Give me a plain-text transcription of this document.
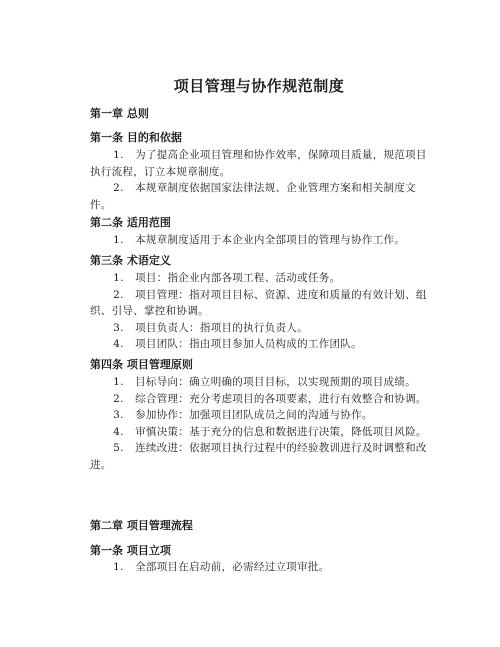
项目管理与协作规范制度
第一章 总则
第一条 目的和依据

1. 为了提高企业项目管理和协作效率，保障项目质量，规范项目执行流程，订立本规章制度。

2. 本规章制度依据国家法律法规、企业管理方案和相关制度文件。

第二条 适用范围

1. 本规章制度适用于本企业内全部项目的管理与协作工作。

第三条 术语定义

1. 项目：指企业内部各项工程、活动或任务。

2. 项目管理：指对项目目标、资源、进度和质量的有效计划、组织、引导、掌控和协调。

3. 项目负责人：指项目的执行负责人。

4. 项目团队：指由项目参加人员构成的工作团队。

第四条 项目管理原则

1. 目标导向：确立明确的项目目标，以实现预期的项目成绩。

2. 综合管理：充分考虑项目的各项要素，进行有效整合和协调。

3. 参加协作：加强项目团队成员之间的沟通与协作。

4. 审慎决策：基于充分的信息和数据进行决策，降低项目风险。

5. 连续改进：依据项目执行过程中的经验教训进行及时调整和改进。

第二章 项目管理流程
第一条 项目立项

1. 全部项目在启动前，必需经过立项审批。
